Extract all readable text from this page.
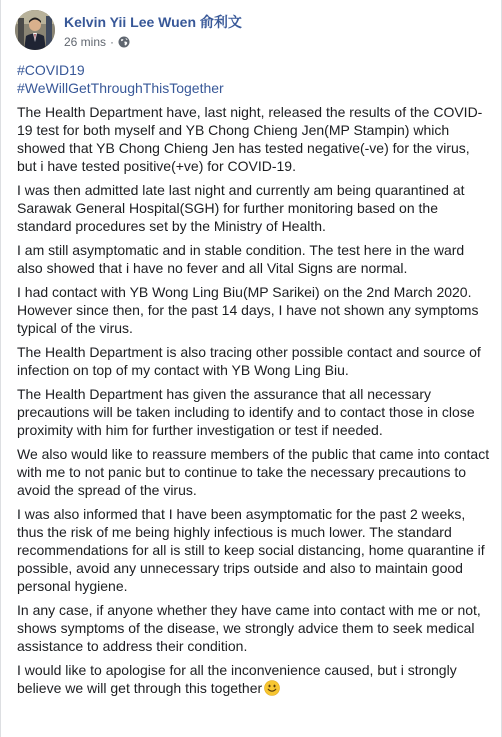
Kelvin Yii Lee Wuen 俞利文
26 mins ·
#COVID19
#WeWillGetThroughThisTogether

The Health Department have, last night, released the results of the COVID-19 test for both myself and YB Chong Chieng Jen(MP Stampin) which showed that YB Chong Chieng Jen has tested negative(-ve) for the virus, but i have tested positive(+ve) for COVID-19.

I was then admitted late last night and currently am being quarantined at Sarawak General Hospital(SGH) for further monitoring based on the standard procedures set by the Ministry of Health.

I am still asymptomatic and in stable condition. The test here in the ward also showed that i have no fever and all Vital Signs are normal.

I had contact with YB Wong Ling Biu(MP Sarikei) on the 2nd March 2020. However since then, for the past 14 days, I have not shown any symptoms typical of the virus.

The Health Department is also tracing other possible contact and source of infection on top of my contact with YB Wong Ling Biu.

The Health Department has given the assurance that all necessary precautions will be taken including to identify and to contact those in close proximity with him for further investigation or test if needed.

We also would like to reassure members of the public that came into contact with me to not panic but to continue to take the necessary precautions to avoid the spread of the virus.

I was also informed that I have been asymptomatic for the past 2 weeks, thus the risk of me being highly infectious is much lower. The standard recommendations for all is still to keep social distancing, home quarantine if possible, avoid any unnecessary trips outside and also to maintain good personal hygiene.

In any case, if anyone whether they have came into contact with me or not, shows symptoms of the disease, we strongly advice them to seek medical assistance to address their condition.

I would like to apologise for all the inconvenience caused, but i strongly believe we will get through this together
